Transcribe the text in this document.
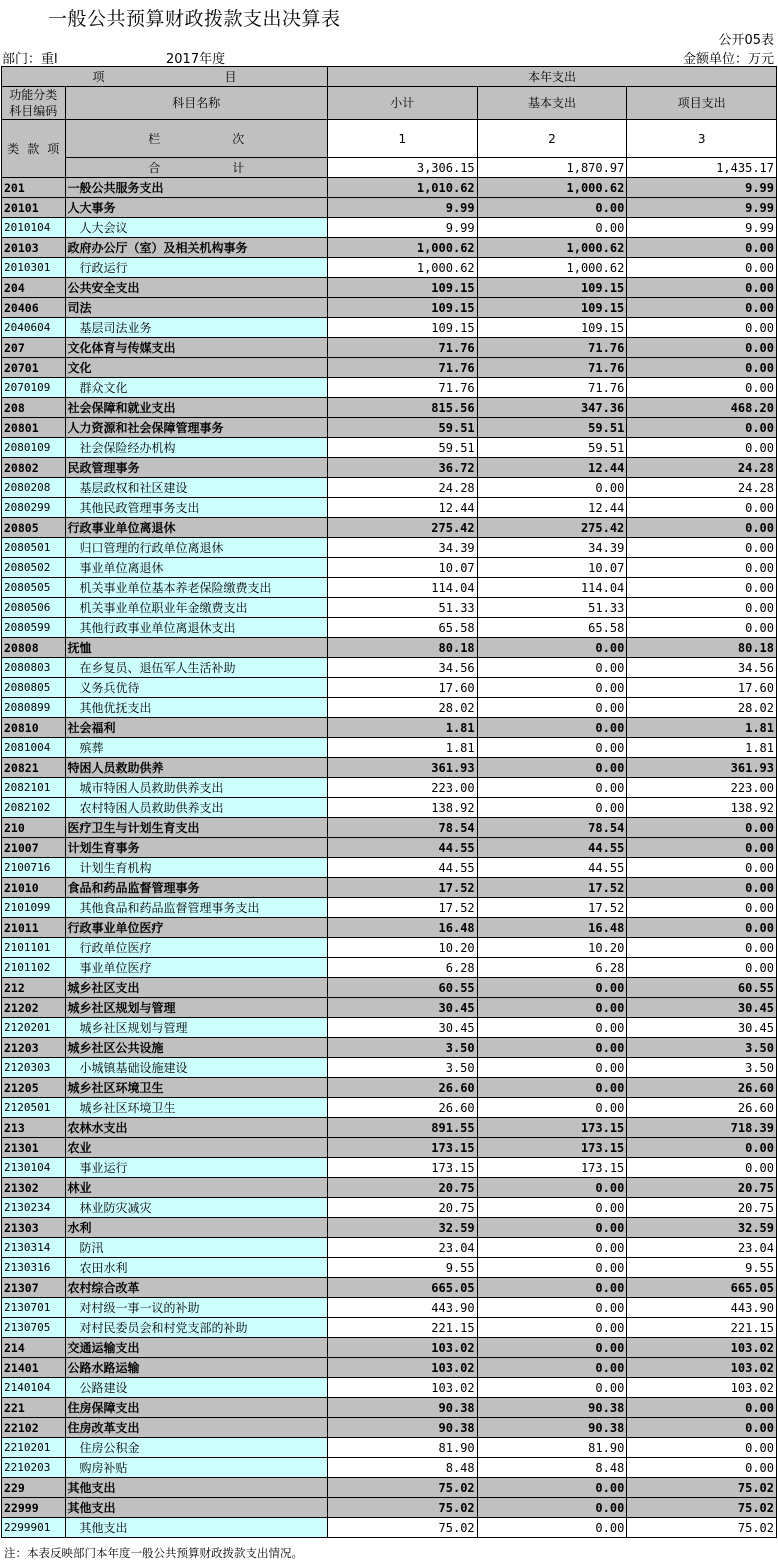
一般公共预算财政拨款支出决算表
公开05表
部门：重l	2017年度	金额单位：万元
项　　　　　　　　　　目		本年支出		
功能分类科目编码	科目名称	小计	基本支出	项目支出
类 款 项	栏　　　　　　次	1	2	3
	合　　　　　　计	3,306.15	1,870.97	1,435.17
201	一般公共服务支出	1,010.62	1,000.62	9.99
20101	人大事务	9.99	0.00	9.99
2010104	人大会议	9.99	0.00	9.99
20103	政府办公厅（室）及相关机构事务	1,000.62	1,000.62	0.00
2010301	行政运行	1,000.62	1,000.62	0.00
204	公共安全支出	109.15	109.15	0.00
20406	司法	109.15	109.15	0.00
2040604	基层司法业务	109.15	109.15	0.00
207	文化体育与传媒支出	71.76	71.76	0.00
20701	文化	71.76	71.76	0.00
2070109	群众文化	71.76	71.76	0.00
208	社会保障和就业支出	815.56	347.36	468.20
20801	人力资源和社会保障管理事务	59.51	59.51	0.00
2080109	社会保险经办机构	59.51	59.51	0.00
20802	民政管理事务	36.72	12.44	24.28
2080208	基层政权和社区建设	24.28	0.00	24.28
2080299	其他民政管理事务支出	12.44	12.44	0.00
20805	行政事业单位离退休	275.42	275.42	0.00
2080501	归口管理的行政单位离退休	34.39	34.39	0.00
2080502	事业单位离退休	10.07	10.07	0.00
2080505	机关事业单位基本养老保险缴费支出	114.04	114.04	0.00
2080506	机关事业单位职业年金缴费支出	51.33	51.33	0.00
2080599	其他行政事业单位离退休支出	65.58	65.58	0.00
20808	抚恤	80.18	0.00	80.18
2080803	在乡复员、退伍军人生活补助	34.56	0.00	34.56
2080805	义务兵优待	17.60	0.00	17.60
2080899	其他优抚支出	28.02	0.00	28.02
20810	社会福利	1.81	0.00	1.81
2081004	殡葬	1.81	0.00	1.81
20821	特困人员救助供养	361.93	0.00	361.93
2082101	城市特困人员救助供养支出	223.00	0.00	223.00
2082102	农村特困人员救助供养支出	138.92	0.00	138.92
210	医疗卫生与计划生育支出	78.54	78.54	0.00
21007	计划生育事务	44.55	44.55	0.00
2100716	计划生育机构	44.55	44.55	0.00
21010	食品和药品监督管理事务	17.52	17.52	0.00
2101099	其他食品和药品监督管理事务支出	17.52	17.52	0.00
21011	行政事业单位医疗	16.48	16.48	0.00
2101101	行政单位医疗	10.20	10.20	0.00
2101102	事业单位医疗	6.28	6.28	0.00
212	城乡社区支出	60.55	0.00	60.55
21202	城乡社区规划与管理	30.45	0.00	30.45
2120201	城乡社区规划与管理	30.45	0.00	30.45
21203	城乡社区公共设施	3.50	0.00	3.50
2120303	小城镇基础设施建设	3.50	0.00	3.50
21205	城乡社区环境卫生	26.60	0.00	26.60
2120501	城乡社区环境卫生	26.60	0.00	26.60
213	农林水支出	891.55	173.15	718.39
21301	农业	173.15	173.15	0.00
2130104	事业运行	173.15	173.15	0.00
21302	林业	20.75	0.00	20.75
2130234	林业防灾减灾	20.75	0.00	20.75
21303	水利	32.59	0.00	32.59
2130314	防汛	23.04	0.00	23.04
2130316	农田水利	9.55	0.00	9.55
21307	农村综合改革	665.05	0.00	665.05
2130701	对村级一事一议的补助	443.90	0.00	443.90
2130705	对村民委员会和村党支部的补助	221.15	0.00	221.15
214	交通运输支出	103.02	0.00	103.02
21401	公路水路运输	103.02	0.00	103.02
2140104	公路建设	103.02	0.00	103.02
221	住房保障支出	90.38	90.38	0.00
22102	住房改革支出	90.38	90.38	0.00
2210201	住房公积金	81.90	81.90	0.00
2210203	购房补贴	8.48	8.48	0.00
229	其他支出	75.02	0.00	75.02
22999	其他支出	75.02	0.00	75.02
2299901	其他支出	75.02	0.00	75.02
注：本表反映部门本年度一般公共预算财政拨款支出情况。
